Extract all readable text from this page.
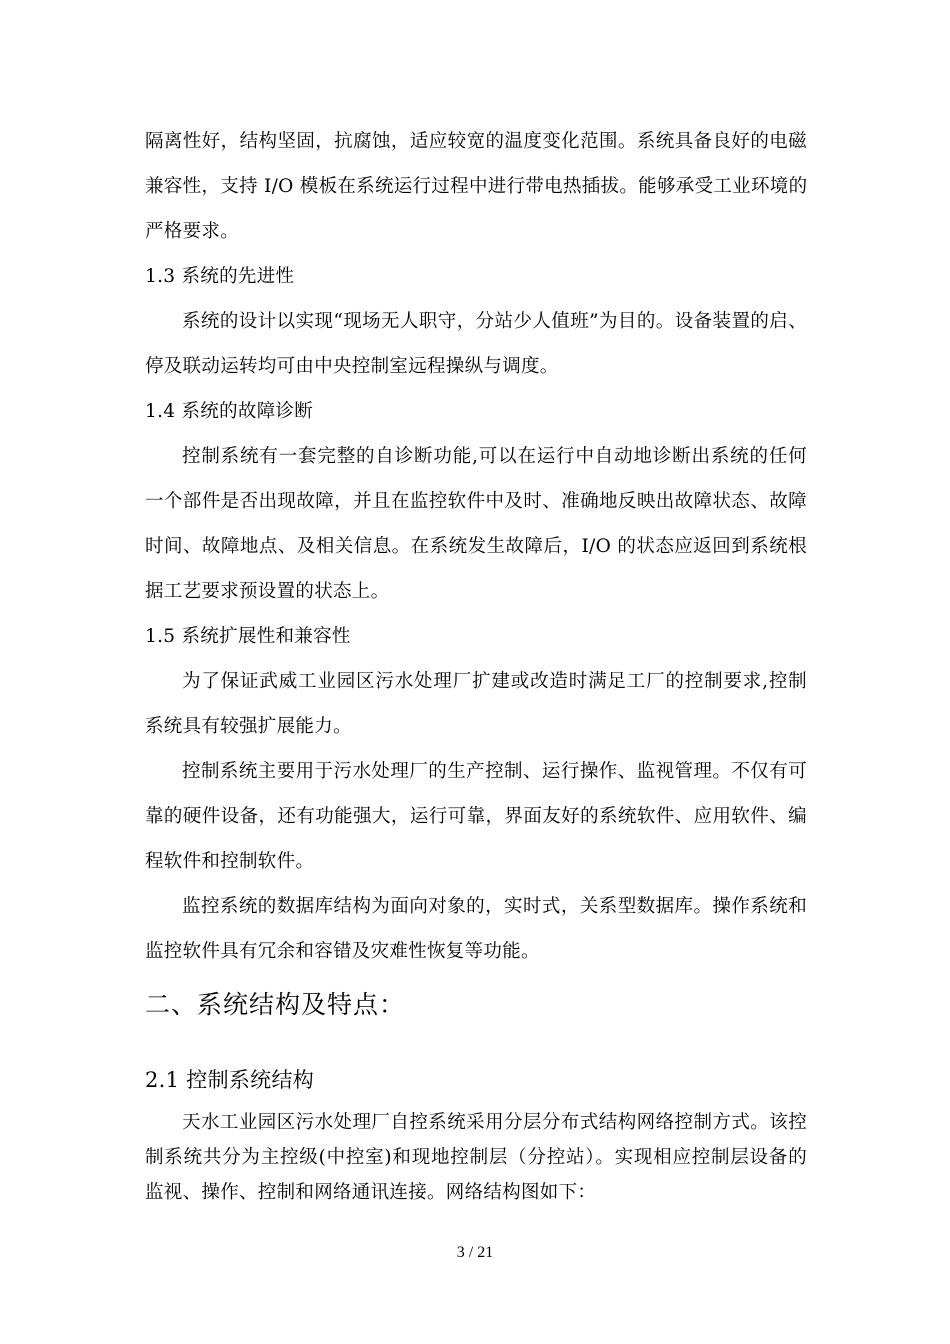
隔离性好，结构坚固，抗腐蚀，适应较宽的温度变化范围。系统具备良好的电磁
兼容性，支持 I/O 模板在系统运行过程中进行带电热插拔。能够承受工业环境的
严格要求。
1.3 系统的先进性
系统的设计以实现“现场无人职守，分站少人值班”为目的。设备装置的启、
停及联动运转均可由中央控制室远程操纵与调度。
1.4 系统的故障诊断
控制系统有一套完整的自诊断功能,可以在运行中自动地诊断出系统的任何
一个部件是否出现故障，并且在监控软件中及时、准确地反映出故障状态、故障
时间、故障地点、及相关信息。在系统发生故障后，I/O 的状态应返回到系统根
据工艺要求预设置的状态上。
1.5 系统扩展性和兼容性
为了保证武威工业园区污水处理厂扩建或改造时满足工厂的控制要求,控制
系统具有较强扩展能力。
控制系统主要用于污水处理厂的生产控制、运行操作、监视管理。不仅有可
靠的硬件设备，还有功能强大，运行可靠，界面友好的系统软件、应用软件、编
程软件和控制软件。
监控系统的数据库结构为面向对象的，实时式，关系型数据库。操作系统和
监控软件具有冗余和容错及灾难性恢复等功能。
二、系统结构及特点：
2.1 控制系统结构
天水工业园区污水处理厂自控系统采用分层分布式结构网络控制方式。该控
制系统共分为主控级(中控室)和现地控制层（分控站）。实现相应控制层设备的
监视、操作、控制和网络通讯连接。网络结构图如下：
3 / 21
